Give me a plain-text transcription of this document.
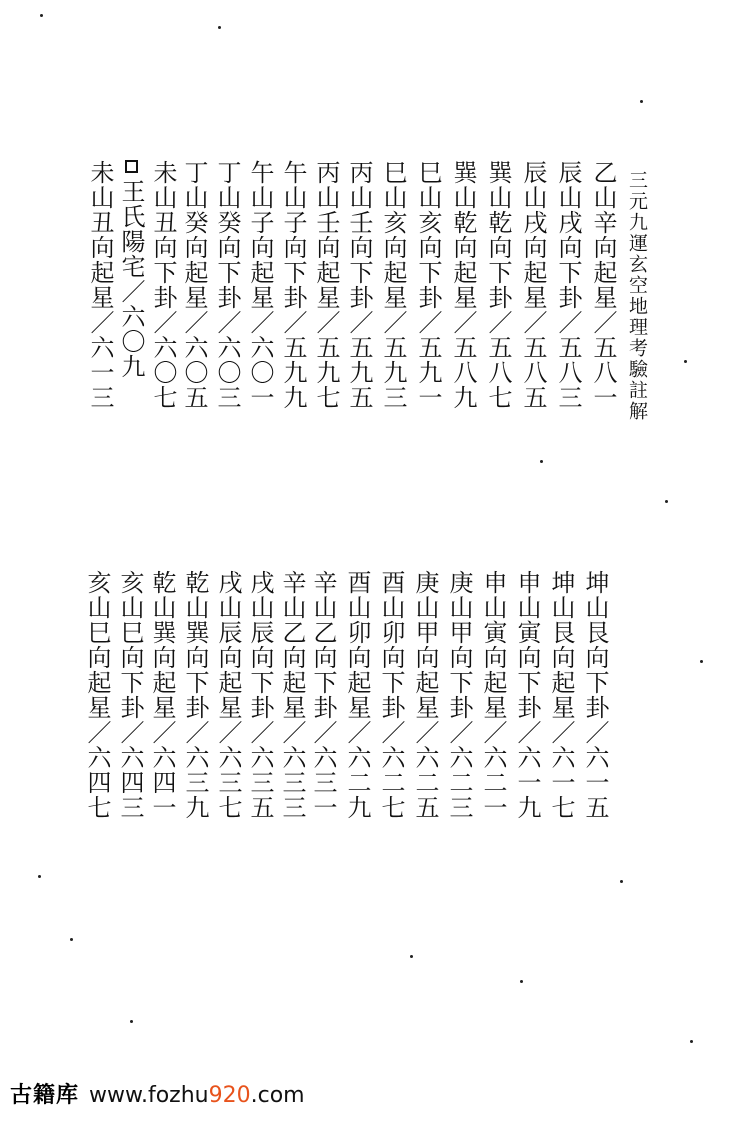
三元九運玄空地理考驗註解
乙山辛向起星／五八一
辰山戌向下卦／五八三
辰山戌向起星／五八五
巽山乾向下卦／五八七
巽山乾向起星／五八九
巳山亥向下卦／五九一
巳山亥向起星／五九三
丙山壬向下卦／五九五
丙山壬向起星／五九七
午山子向下卦／五九九
午山子向起星／六〇一
丁山癸向下卦／六〇三
丁山癸向起星／六〇五
未山丑向下卦／六〇七
王氏陽宅／六〇九
未山丑向起星／六一三
坤山艮向下卦／六一五
坤山艮向起星／六一七
申山寅向下卦／六一九
申山寅向起星／六二一
庚山甲向下卦／六二三
庚山甲向起星／六二五
酉山卯向下卦／六二七
酉山卯向起星／六二九
辛山乙向下卦／六三一
辛山乙向起星／六三三
戌山辰向下卦／六三五
戌山辰向起星／六三七
乾山巽向下卦／六三九
乾山巽向起星／六四一
亥山巳向下卦／六四三
亥山巳向起星／六四七
古籍库 www.fozhu920.com
